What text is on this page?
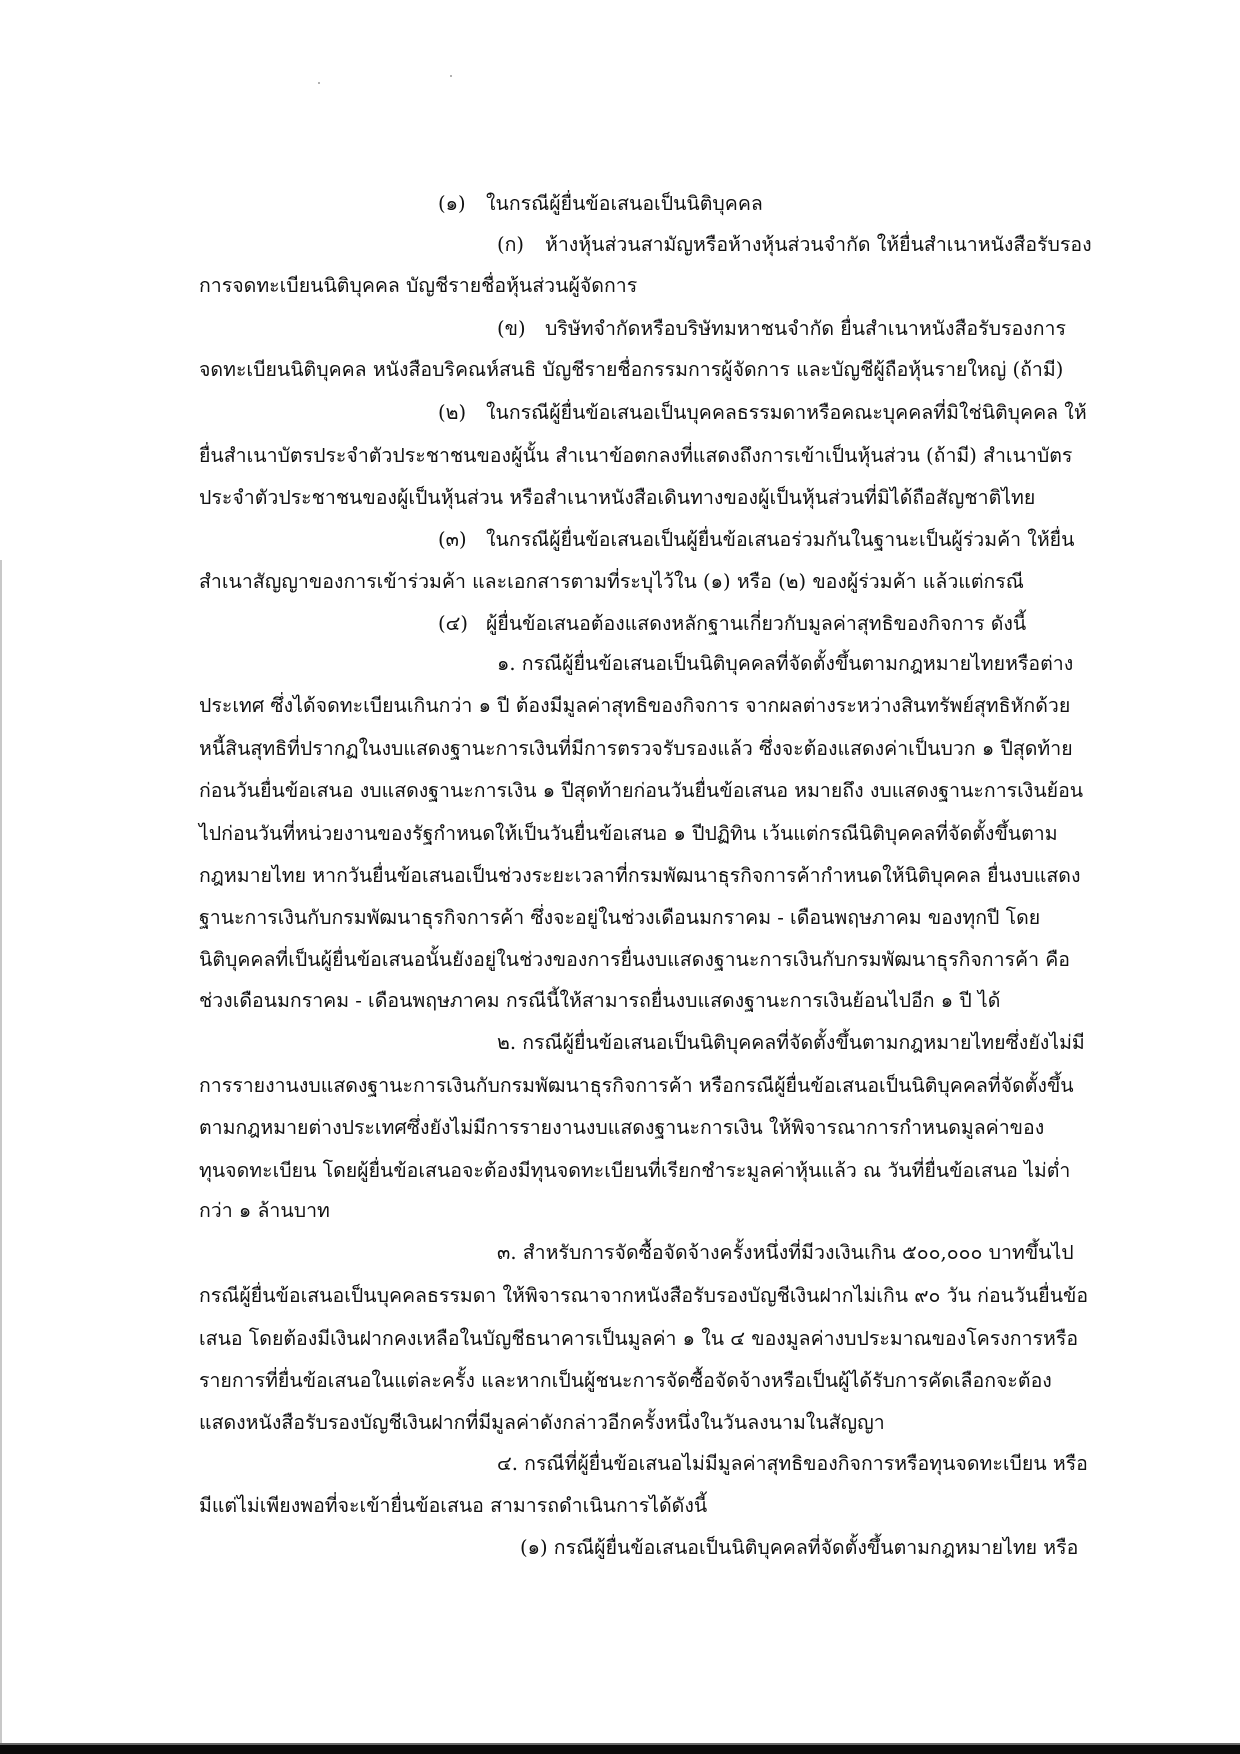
(๑) ในกรณีผู้ยื่นข้อเสนอเป็นนิติบุคคล
(ก) ห้างหุ้นส่วนสามัญหรือห้างหุ้นส่วนจำกัด ให้ยื่นสำเนาหนังสือรับรอง
การจดทะเบียนนิติบุคคล บัญชีรายชื่อหุ้นส่วนผู้จัดการ
(ข) บริษัทจำกัดหรือบริษัทมหาชนจำกัด ยื่นสำเนาหนังสือรับรองการ
จดทะเบียนนิติบุคคล หนังสือบริคณห์สนธิ บัญชีรายชื่อกรรมการผู้จัดการ และบัญชีผู้ถือหุ้นรายใหญ่ (ถ้ามี)
(๒) ในกรณีผู้ยื่นข้อเสนอเป็นบุคคลธรรมดาหรือคณะบุคคลที่มิใช่นิติบุคคล ให้
ยื่นสำเนาบัตรประจำตัวประชาชนของผู้นั้น สำเนาข้อตกลงที่แสดงถึงการเข้าเป็นหุ้นส่วน (ถ้ามี) สำเนาบัตร
ประจำตัวประชาชนของผู้เป็นหุ้นส่วน หรือสำเนาหนังสือเดินทางของผู้เป็นหุ้นส่วนที่มิได้ถือสัญชาติไทย
(๓) ในกรณีผู้ยื่นข้อเสนอเป็นผู้ยื่นข้อเสนอร่วมกันในฐานะเป็นผู้ร่วมค้า ให้ยื่น
สำเนาสัญญาของการเข้าร่วมค้า และเอกสารตามที่ระบุไว้ใน (๑) หรือ (๒) ของผู้ร่วมค้า แล้วแต่กรณี
(๔) ผู้ยื่นข้อเสนอต้องแสดงหลักฐานเกี่ยวกับมูลค่าสุทธิของกิจการ ดังนี้
๑. กรณีผู้ยื่นข้อเสนอเป็นนิติบุคคลที่จัดตั้งขึ้นตามกฎหมายไทยหรือต่าง
ประเทศ ซึ่งได้จดทะเบียนเกินกว่า ๑ ปี ต้องมีมูลค่าสุทธิของกิจการ จากผลต่างระหว่างสินทรัพย์สุทธิหักด้วย
หนี้สินสุทธิที่ปรากฏในงบแสดงฐานะการเงินที่มีการตรวจรับรองแล้ว ซึ่งจะต้องแสดงค่าเป็นบวก ๑ ปีสุดท้าย
ก่อนวันยื่นข้อเสนอ งบแสดงฐานะการเงิน ๑ ปีสุดท้ายก่อนวันยื่นข้อเสนอ หมายถึง งบแสดงฐานะการเงินย้อน
ไปก่อนวันที่หน่วยงานของรัฐกำหนดให้เป็นวันยื่นข้อเสนอ ๑ ปีปฏิทิน เว้นแต่กรณีนิติบุคคลที่จัดตั้งขึ้นตาม
กฎหมายไทย หากวันยื่นข้อเสนอเป็นช่วงระยะเวลาที่กรมพัฒนาธุรกิจการค้ากำหนดให้นิติบุคคล ยื่นงบแสดง
ฐานะการเงินกับกรมพัฒนาธุรกิจการค้า ซึ่งจะอยู่ในช่วงเดือนมกราคม - เดือนพฤษภาคม ของทุกปี โดย
นิติบุคคลที่เป็นผู้ยื่นข้อเสนอนั้นยังอยู่ในช่วงของการยื่นงบแสดงฐานะการเงินกับกรมพัฒนาธุรกิจการค้า คือ
ช่วงเดือนมกราคม - เดือนพฤษภาคม กรณีนี้ให้สามารถยื่นงบแสดงฐานะการเงินย้อนไปอีก ๑ ปี ได้
๒. กรณีผู้ยื่นข้อเสนอเป็นนิติบุคคลที่จัดตั้งขึ้นตามกฎหมายไทยซึ่งยังไม่มี
การรายงานงบแสดงฐานะการเงินกับกรมพัฒนาธุรกิจการค้า หรือกรณีผู้ยื่นข้อเสนอเป็นนิติบุคคลที่จัดตั้งขึ้น
ตามกฎหมายต่างประเทศซึ่งยังไม่มีการรายงานงบแสดงฐานะการเงิน ให้พิจารณาการกำหนดมูลค่าของ
ทุนจดทะเบียน โดยผู้ยื่นข้อเสนอจะต้องมีทุนจดทะเบียนที่เรียกชำระมูลค่าหุ้นแล้ว ณ วันที่ยื่นข้อเสนอ ไม่ต่ำ
กว่า ๑ ล้านบาท
๓. สำหรับการจัดซื้อจัดจ้างครั้งหนึ่งที่มีวงเงินเกิน ๕๐๐,๐๐๐ บาทขึ้นไป
กรณีผู้ยื่นข้อเสนอเป็นบุคคลธรรมดา ให้พิจารณาจากหนังสือรับรองบัญชีเงินฝากไม่เกิน ๙๐ วัน ก่อนวันยื่นข้อ
เสนอ โดยต้องมีเงินฝากคงเหลือในบัญชีธนาคารเป็นมูลค่า ๑ ใน ๔ ของมูลค่างบประมาณของโครงการหรือ
รายการที่ยื่นข้อเสนอในแต่ละครั้ง และหากเป็นผู้ชนะการจัดซื้อจัดจ้างหรือเป็นผู้ได้รับการคัดเลือกจะต้อง
แสดงหนังสือรับรองบัญชีเงินฝากที่มีมูลค่าดังกล่าวอีกครั้งหนึ่งในวันลงนามในสัญญา
๔. กรณีที่ผู้ยื่นข้อเสนอไม่มีมูลค่าสุทธิของกิจการหรือทุนจดทะเบียน หรือ
มีแต่ไม่เพียงพอที่จะเข้ายื่นข้อเสนอ สามารถดำเนินการได้ดังนี้
(๑) กรณีผู้ยื่นข้อเสนอเป็นนิติบุคคลที่จัดตั้งขึ้นตามกฎหมายไทย หรือ
